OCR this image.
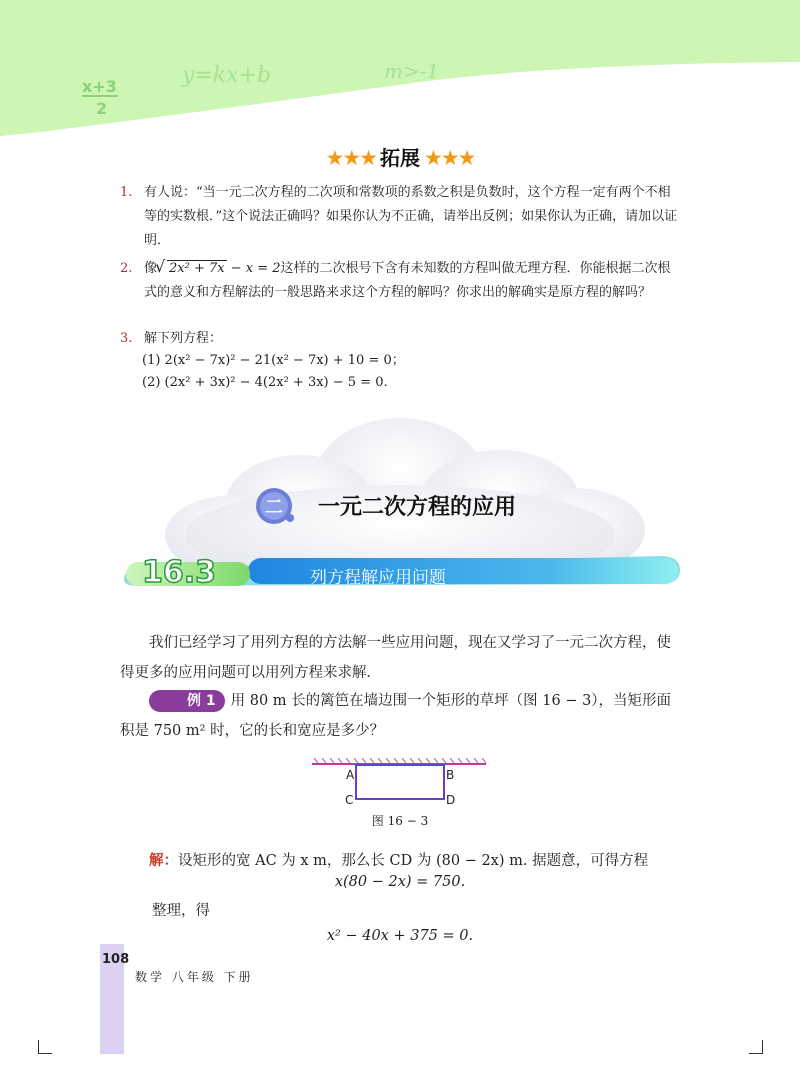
x+3
2
y=kx+b	m>-1
★★★ 拓展 ★★★
1. 有人说：“当一元二次方程的二次项和常数项的系数之积是负数时，这个方程一定有两个不相等的实数根．”这个说法正确吗？如果你认为不正确，请举出反例；如果你认为正确，请加以证明．
2. 像√ 2x² + 7x − x = 2这样的二次根号下含有未知数的方程叫做无理方程．你能根据二次根式的意义和方程解法的一般思路来求这个方程的解吗？你求出的解确实是原方程的解吗？
3. 解下列方程：
(1) 2(x² − 7x)² − 21(x² − 7x) + 10 = 0；
(2) (2x² + 3x)² − 4(2x² + 3x) − 5 = 0.
二 一元二次方程的应用
16.3	列方程解应用问题
我们已经学习了用列方程的方法解一些应用问题，现在又学习了一元二次方程，使得更多的应用问题可以用列方程来求解．
例 1 用 80 m 长的篱笆在墙边围一个矩形的草坪（图 16 − 3），当矩形面积是 750 m² 时，它的长和宽应是多少？
A	B
C	D
图 16 − 3
解：设矩形的宽 AC 为 x m，那么长 CD 为 (80 − 2x) m. 据题意，可得方程
x(80 − 2x) = 750.
整理，得
x² − 40x + 375 = 0.
108
数学 八年级 下册
